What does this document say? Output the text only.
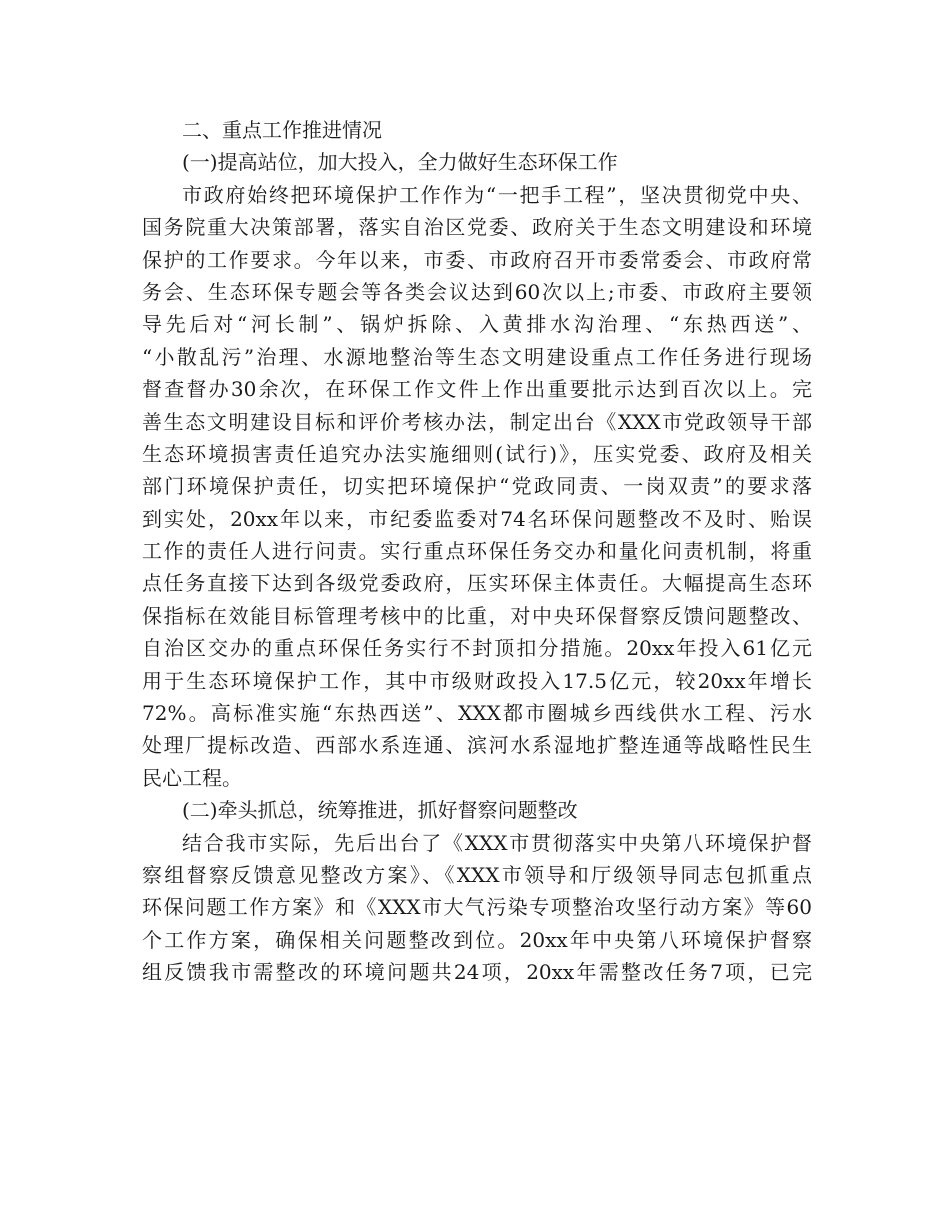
二、重点工作推进情况
(一)提高站位，加大投入，全力做好生态环保工作
市政府始终把环境保护工作作为“一把手工程”，坚决贯彻党中央、
国务院重大决策部署，落实自治区党委、政府关于生态文明建设和环境
保护的工作要求。今年以来，市委、市政府召开市委常委会、市政府常
务会、生态环保专题会等各类会议达到60次以上;市委、市政府主要领
导先后对“河长制”、锅炉拆除、入黄排水沟治理、“东热西送”、
“小散乱污”治理、水源地整治等生态文明建设重点工作任务进行现场
督查督办30余次，在环保工作文件上作出重要批示达到百次以上。完
善生态文明建设目标和评价考核办法，制定出台《XXX市党政领导干部
生态环境损害责任追究办法实施细则(试行)》，压实党委、政府及相关
部门环境保护责任，切实把环境保护“党政同责、一岗双责”的要求落
到实处，20xx年以来，市纪委监委对74名环保问题整改不及时、贻误
工作的责任人进行问责。实行重点环保任务交办和量化问责机制，将重
点任务直接下达到各级党委政府，压实环保主体责任。大幅提高生态环
保指标在效能目标管理考核中的比重，对中央环保督察反馈问题整改、
自治区交办的重点环保任务实行不封顶扣分措施。20xx年投入61亿元
用于生态环境保护工作，其中市级财政投入17.5亿元，较20xx年增长
72%。高标准实施“东热西送”、XXX都市圈城乡西线供水工程、污水
处理厂提标改造、西部水系连通、滨河水系湿地扩整连通等战略性民生
民心工程。
(二)牵头抓总，统筹推进，抓好督察问题整改
结合我市实际，先后出台了《XXX市贯彻落实中央第八环境保护督
察组督察反馈意见整改方案》、《XXX市领导和厅级领导同志包抓重点
环保问题工作方案》和《XXX市大气污染专项整治攻坚行动方案》等60
个工作方案，确保相关问题整改到位。20xx年中央第八环境保护督察
组反馈我市需整改的环境问题共24项，20xx年需整改任务7项，已完
